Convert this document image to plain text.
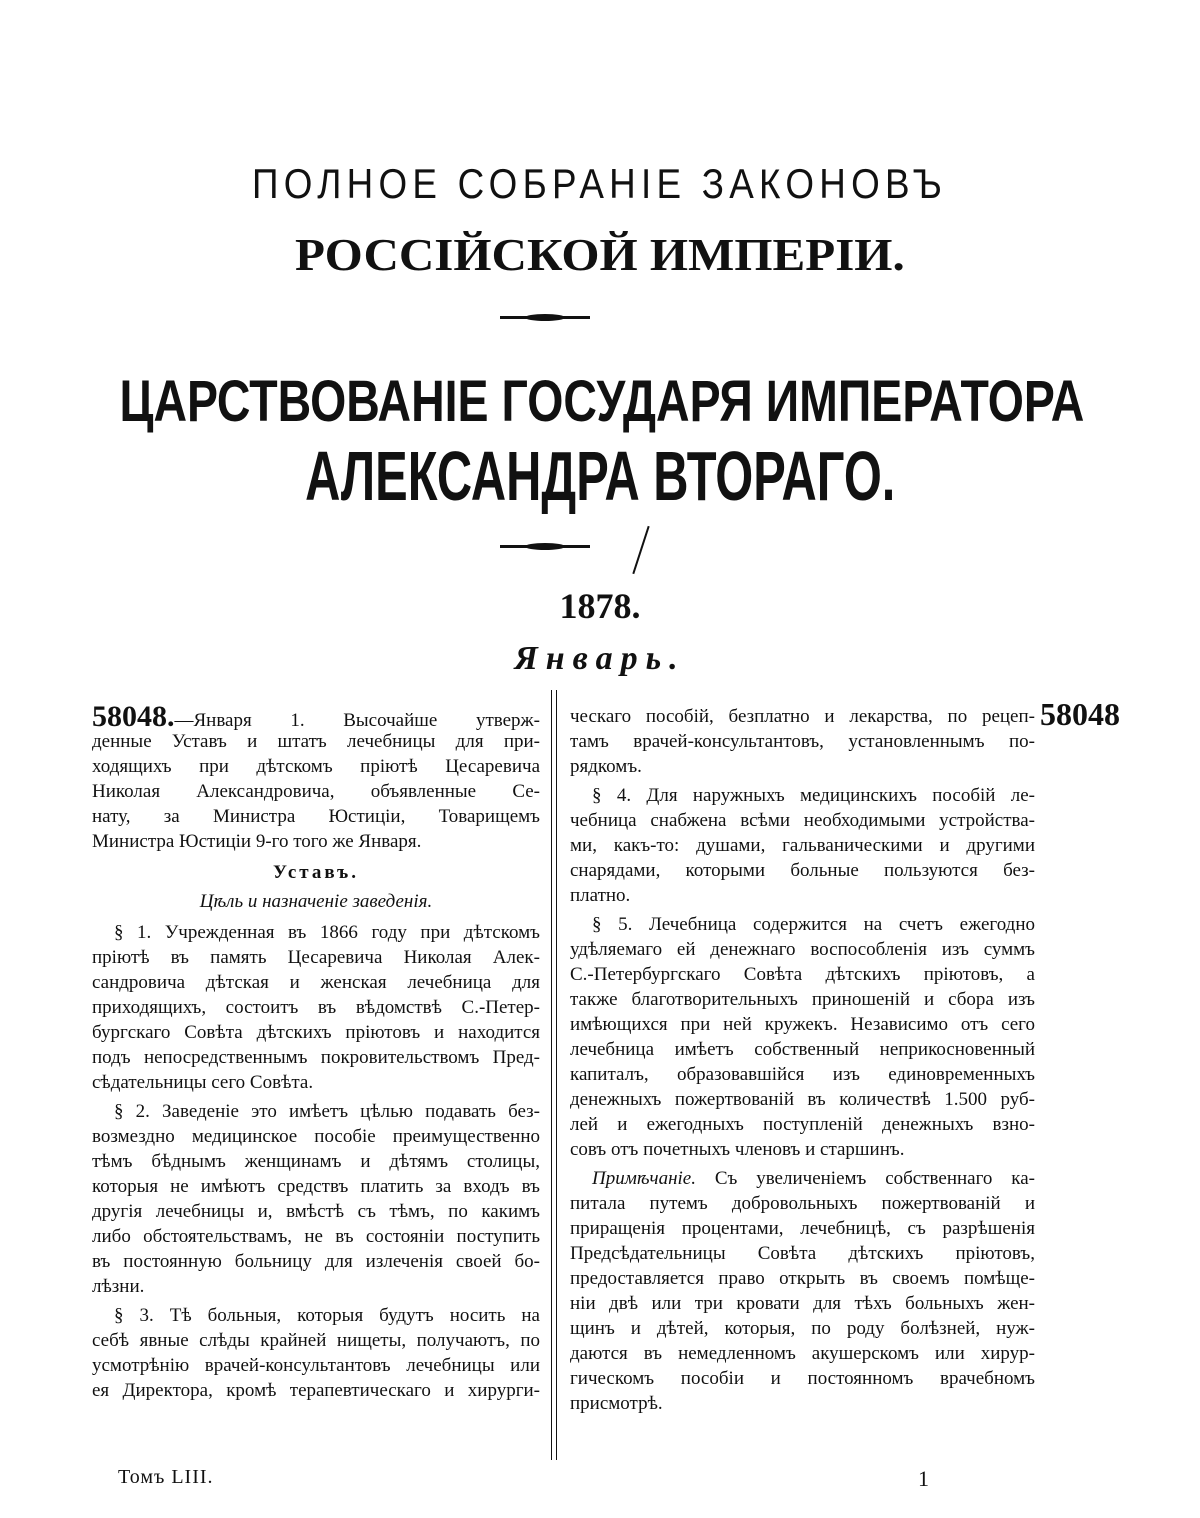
ПОЛНОЕ СОБРАНIЕ ЗАКОНОВЪ
РОССIЙСКОЙ ИМПЕРIИ.
ЦАРСТВОВАНIЕ ГОСУДАРЯ ИМПЕРАТОРА
АЛЕКСАНДРА ВТОРАГО.
1878.
Январь.
58048
58048.—Января 1. Высочайше утверж-
денные Уставъ и штатъ лечебницы для при-
ходящихъ при дѣтскомъ прiютѣ Цесаревича
Николая Александровича, объявленные Се-
нату, за Министра Юстицiи, Товарищемъ
Министра Юстицiи 9-го того же Января.
Уставъ.
Цѣль и назначенiе заведенiя.
§ 1. Учрежденная въ 1866 году при дѣтскомъ
прiютѣ въ память Цесаревича Николая Алек-
сандровича дѣтская и женская лечебница для
приходящихъ, состоитъ въ вѣдомствѣ С.-Петер-
бургскаго Совѣта дѣтскихъ прiютовъ и находится
подъ непосредственнымъ покровительствомъ Пред-
сѣдательницы сего Совѣта.
§ 2. Заведенiе это имѣетъ цѣлью подавать без-
возмездно медицинское пособiе преимущественно
тѣмъ бѣднымъ женщинамъ и дѣтямъ столицы,
которыя не имѣютъ средствъ платить за входъ въ
другiя лечебницы и, вмѣстѣ съ тѣмъ, по какимъ
либо обстоятельствамъ, не въ состоянiи поступить
въ постоянную больницу для излеченiя своей бо-
лѣзни.
§ 3. Тѣ больныя, которыя будутъ носить на
себѣ явные слѣды крайней нищеты, получаютъ, по
усмотрѣнiю врачей-консультантовъ лечебницы или
ея Директора, кромѣ терапевтическаго и хирурги-
ческаго пособiй, безплатно и лекарства, по рецеп-
тамъ врачей-консультантовъ, установленнымъ по-
рядкомъ.
§ 4. Для наружныхъ медицинскихъ пособiй ле-
чебница снабжена всѣми необходимыми устройства-
ми, какъ-то: душами, гальваническими и другими
снарядами, которыми больные пользуются без-
платно.
§ 5. Лечебница содержится на счетъ ежегодно
удѣляемаго ей денежнаго воспособленiя изъ суммъ
С.-Петербургскаго Совѣта дѣтскихъ прiютовъ, а
также благотворительныхъ приношенiй и сбора изъ
имѣющихся при ней кружекъ. Независимо отъ сего
лечебница имѣетъ собственный неприкосновенный
капиталъ, образовавшiйся изъ единовременныхъ
денежныхъ пожертвованiй въ количествѣ 1.500 руб-
лей и ежегодныхъ поступленiй денежныхъ взно-
совъ отъ почетныхъ членовъ и старшинъ.
Примѣчанiе. Съ увеличенiемъ собственнаго ка-
питала путемъ добровольныхъ пожертвованiй и
приращенiя процентами, лечебницѣ, съ разрѣшенiя
Предсѣдательницы Совѣта дѣтскихъ прiютовъ,
предоставляется право открыть въ своемъ помѣще-
нiи двѣ или три кровати для тѣхъ больныхъ жен-
щинъ и дѣтей, которыя, по роду болѣзней, нуж-
даются въ немедленномъ акушерскомъ или хирур-
гическомъ пособiи и постоянномъ врачебномъ
присмотрѣ.
Томъ LIII.	1
